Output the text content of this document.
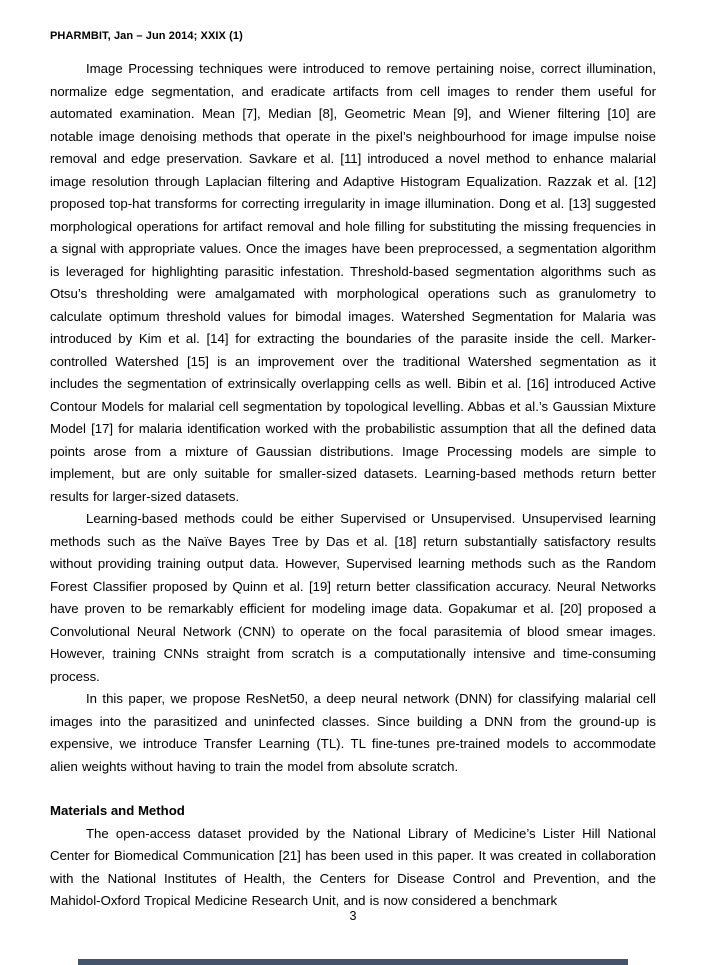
PHARMBIT, Jan – Jun 2014; XXIX (1)

Image Processing techniques were introduced to remove pertaining noise, correct illumination, normalize edge segmentation, and eradicate artifacts from cell images to render them useful for automated examination. Mean [7], Median [8], Geometric Mean [9], and Wiener filtering [10] are notable image denoising methods that operate in the pixel’s neighbourhood for image impulse noise removal and edge preservation. Savkare et al. [11] introduced a novel method to enhance malarial image resolution through Laplacian filtering and Adaptive Histogram Equalization. Razzak et al. [12] proposed top-hat transforms for correcting irregularity in image illumination. Dong et al. [13] suggested morphological operations for artifact removal and hole filling for substituting the missing frequencies in a signal with appropriate values. Once the images have been preprocessed, a segmentation algorithm is leveraged for highlighting parasitic infestation. Threshold-based segmentation algorithms such as Otsu’s thresholding were amalgamated with morphological operations such as granulometry to calculate optimum threshold values for bimodal images. Watershed Segmentation for Malaria was introduced by Kim et al. [14] for extracting the boundaries of the parasite inside the cell. Marker-controlled Watershed [15] is an improvement over the traditional Watershed segmentation as it includes the segmentation of extrinsically overlapping cells as well. Bibin et al. [16] introduced Active Contour Models for malarial cell segmentation by topological levelling. Abbas et al.’s Gaussian Mixture Model [17] for malaria identification worked with the probabilistic assumption that all the defined data points arose from a mixture of Gaussian distributions. Image Processing models are simple to implement, but are only suitable for smaller-sized datasets. Learning-based methods return better results for larger-sized datasets.

Learning-based methods could be either Supervised or Unsupervised. Unsupervised learning methods such as the Naïve Bayes Tree by Das et al. [18] return substantially satisfactory results without providing training output data. However, Supervised learning methods such as the Random Forest Classifier proposed by Quinn et al. [19] return better classification accuracy. Neural Networks have proven to be remarkably efficient for modeling image data. Gopakumar et al. [20] proposed a Convolutional Neural Network (CNN) to operate on the focal parasitemia of blood smear images. However, training CNNs straight from scratch is a computationally intensive and time-consuming process.

In this paper, we propose ResNet50, a deep neural network (DNN) for classifying malarial cell images into the parasitized and uninfected classes. Since building a DNN from the ground-up is expensive, we introduce Transfer Learning (TL). TL fine-tunes pre-trained models to accommodate alien weights without having to train the model from absolute scratch.

Materials and Method

The open-access dataset provided by the National Library of Medicine’s Lister Hill National Center for Biomedical Communication [21] has been used in this paper. It was created in collaboration with the National Institutes of Health, the Centers for Disease Control and Prevention, and the Mahidol-Oxford Tropical Medicine Research Unit, and is now considered a benchmark

3
